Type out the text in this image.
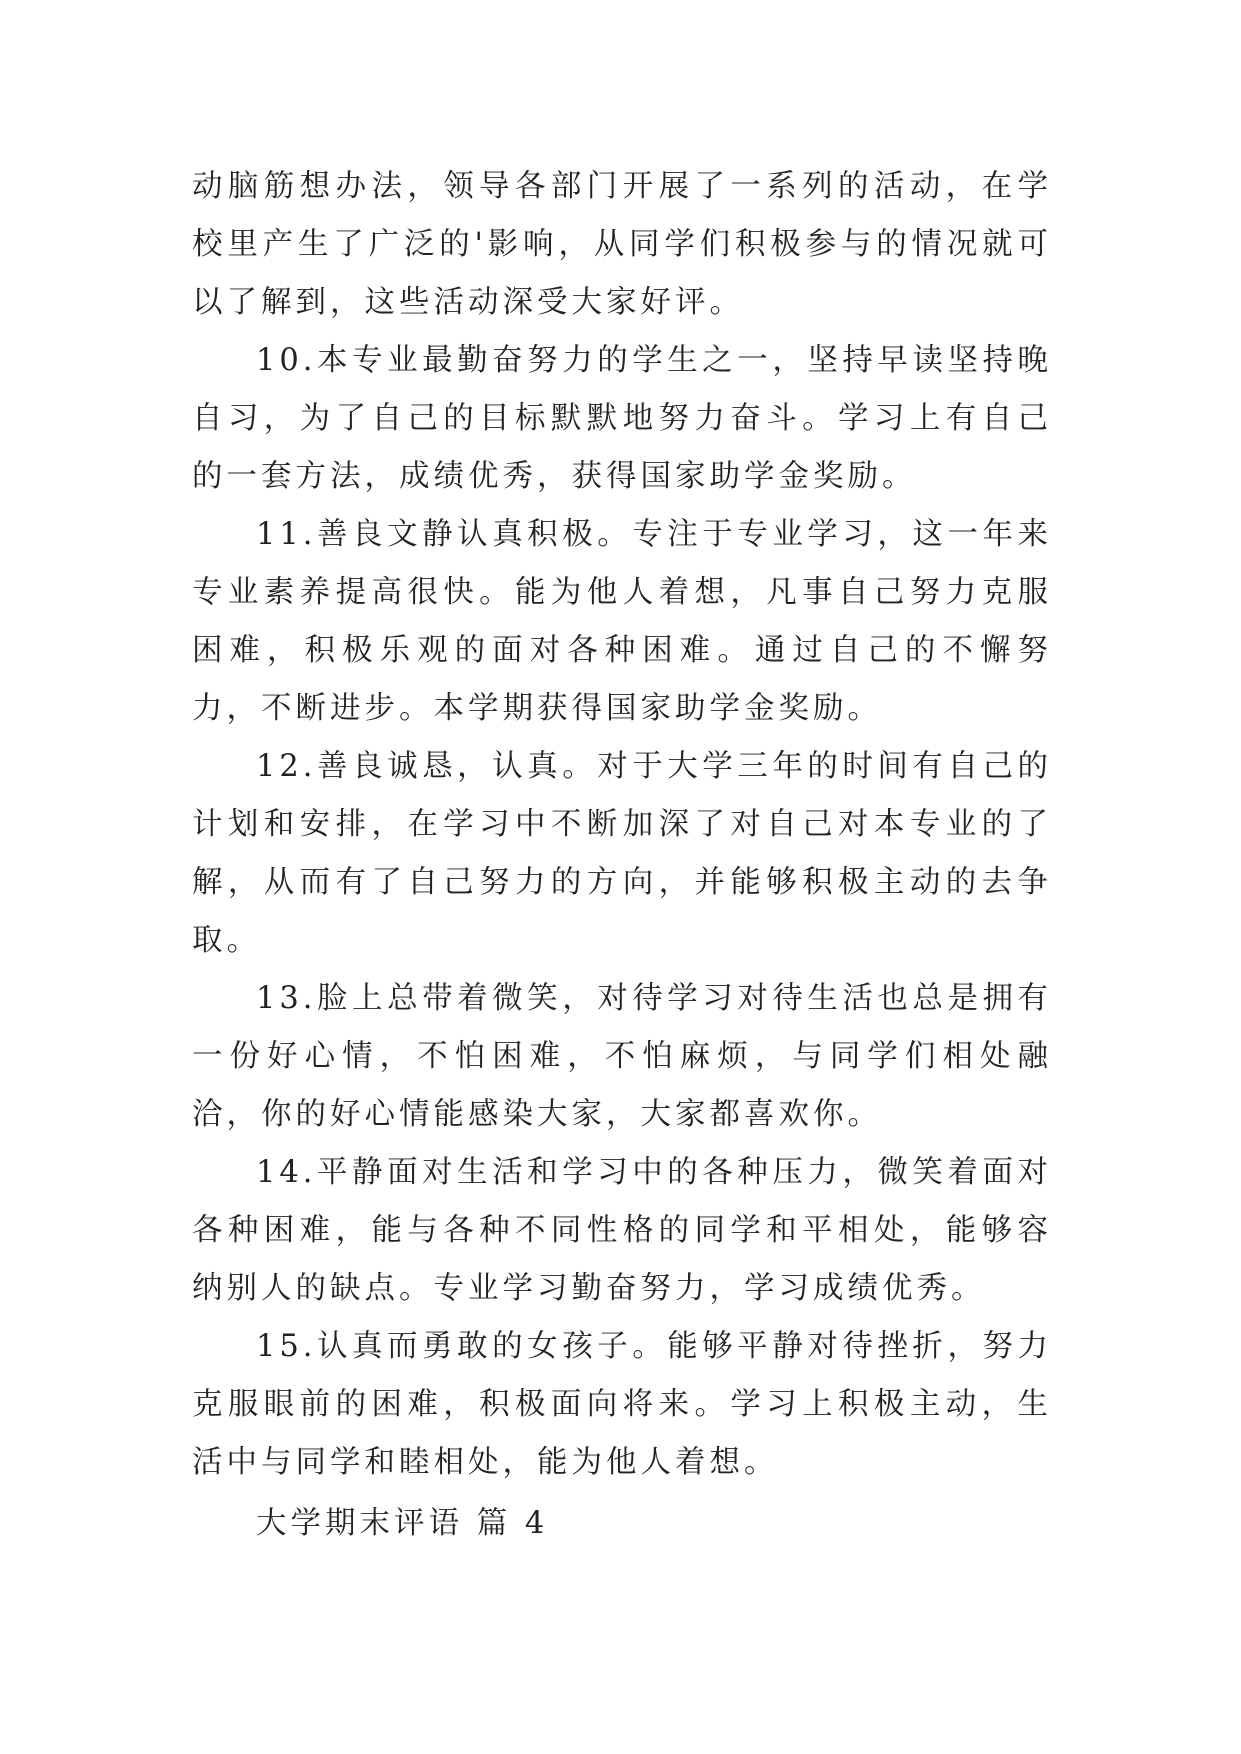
动脑筋想办法，领导各部门开展了一系列的活动，在学校里产生了广泛的'影响，从同学们积极参与的情况就可以了解到，这些活动深受大家好评。

10.本专业最勤奋努力的学生之一，坚持早读坚持晚自习，为了自己的目标默默地努力奋斗。学习上有自己的一套方法，成绩优秀，获得国家助学金奖励。

11.善良文静认真积极。专注于专业学习，这一年来专业素养提高很快。能为他人着想，凡事自己努力克服困难，积极乐观的面对各种困难。通过自己的不懈努力，不断进步。本学期获得国家助学金奖励。

12.善良诚恳，认真。对于大学三年的时间有自己的计划和安排，在学习中不断加深了对自己对本专业的了解，从而有了自己努力的方向，并能够积极主动的去争取。

13.脸上总带着微笑，对待学习对待生活也总是拥有一份好心情，不怕困难，不怕麻烦，与同学们相处融洽，你的好心情能感染大家，大家都喜欢你。

14.平静面对生活和学习中的各种压力，微笑着面对各种困难，能与各种不同性格的同学和平相处，能够容纳别人的缺点。专业学习勤奋努力，学习成绩优秀。

15.认真而勇敢的女孩子。能够平静对待挫折，努力克服眼前的困难，积极面向将来。学习上积极主动，生活中与同学和睦相处，能为他人着想。

大学期末评语 篇 4
